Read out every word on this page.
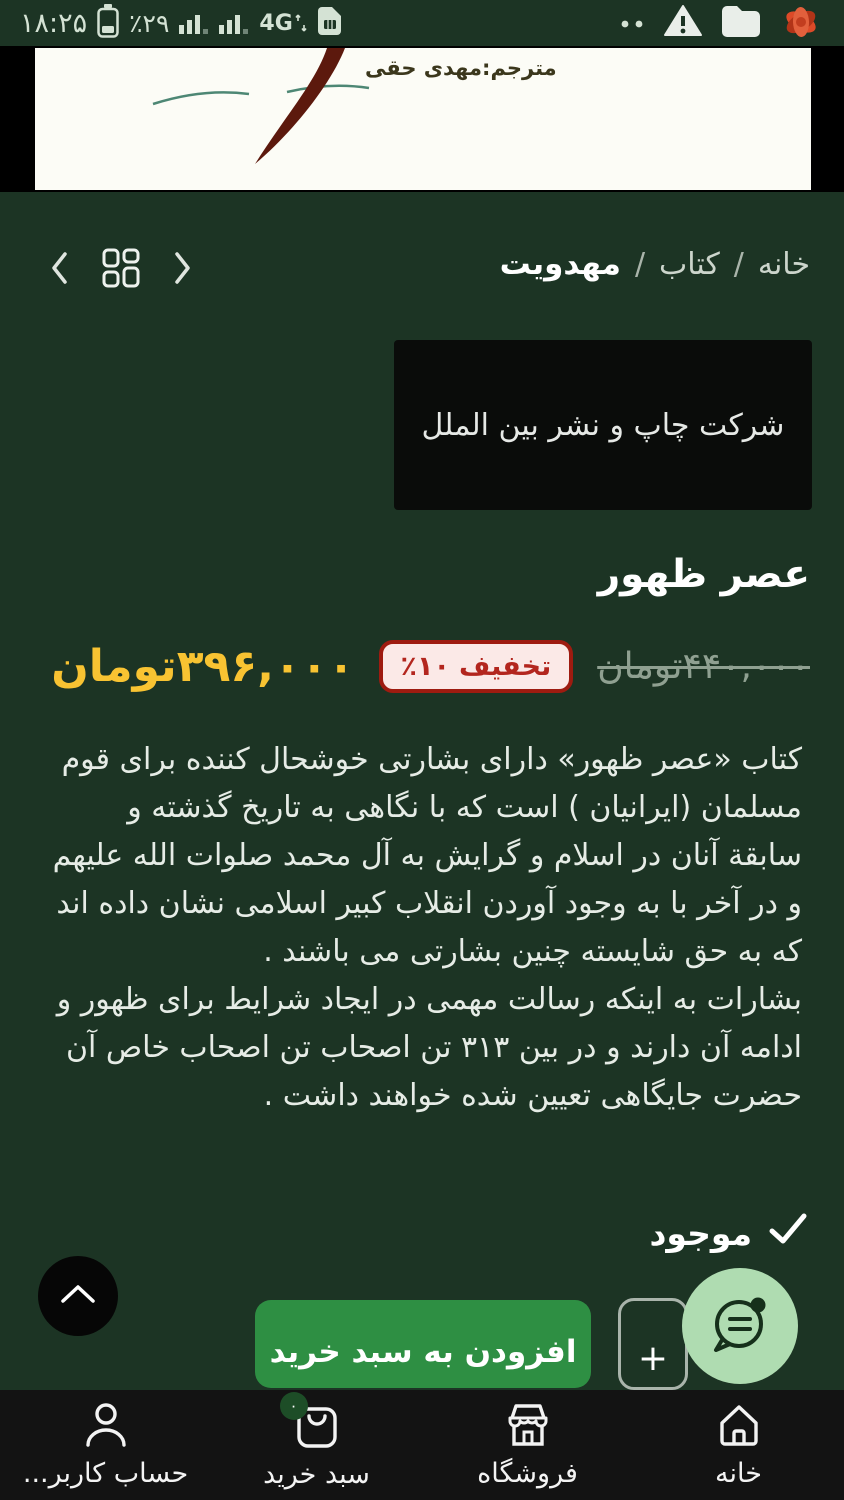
۱۸:۲۵ ٪۲۹	4G
مترجم:مهدی حقی
خانه
/
کتاب
/
مهدویت
شرکت چاپ و نشر بین الملل
عصر ظهور
۴۴۰,۰۰۰تومان
٪۱۰ تخفیف
۳۹۶,۰۰۰تومان

کتاب «عصر ظهور» دارای بشارتی خوشحال کننده برای قوم مسلمان (ایرانیان ) است که با نگاهی به تاریخ گذشته و سابقة آنان در اسلام و گرایش به آل محمد صلوات الله علیهم و در آخر با به وجود آوردن انقلاب کبیر اسلامی نشان داده اند که به حق شایسته چنین بشارتی می باشند .

بشارات به اینکه رسالت مهمی در ایجاد شرایط برای ظهور و ادامه آن دارند و در بین ۳۱۳ تن اصحاب تن اصحاب خاص آن حضرت جایگاهی تعیین شده خواهند داشت .

موجود
افزودن به سبد خرید	+
خانه
فروشگاه
۰
سبد خرید
حساب کاربر...
